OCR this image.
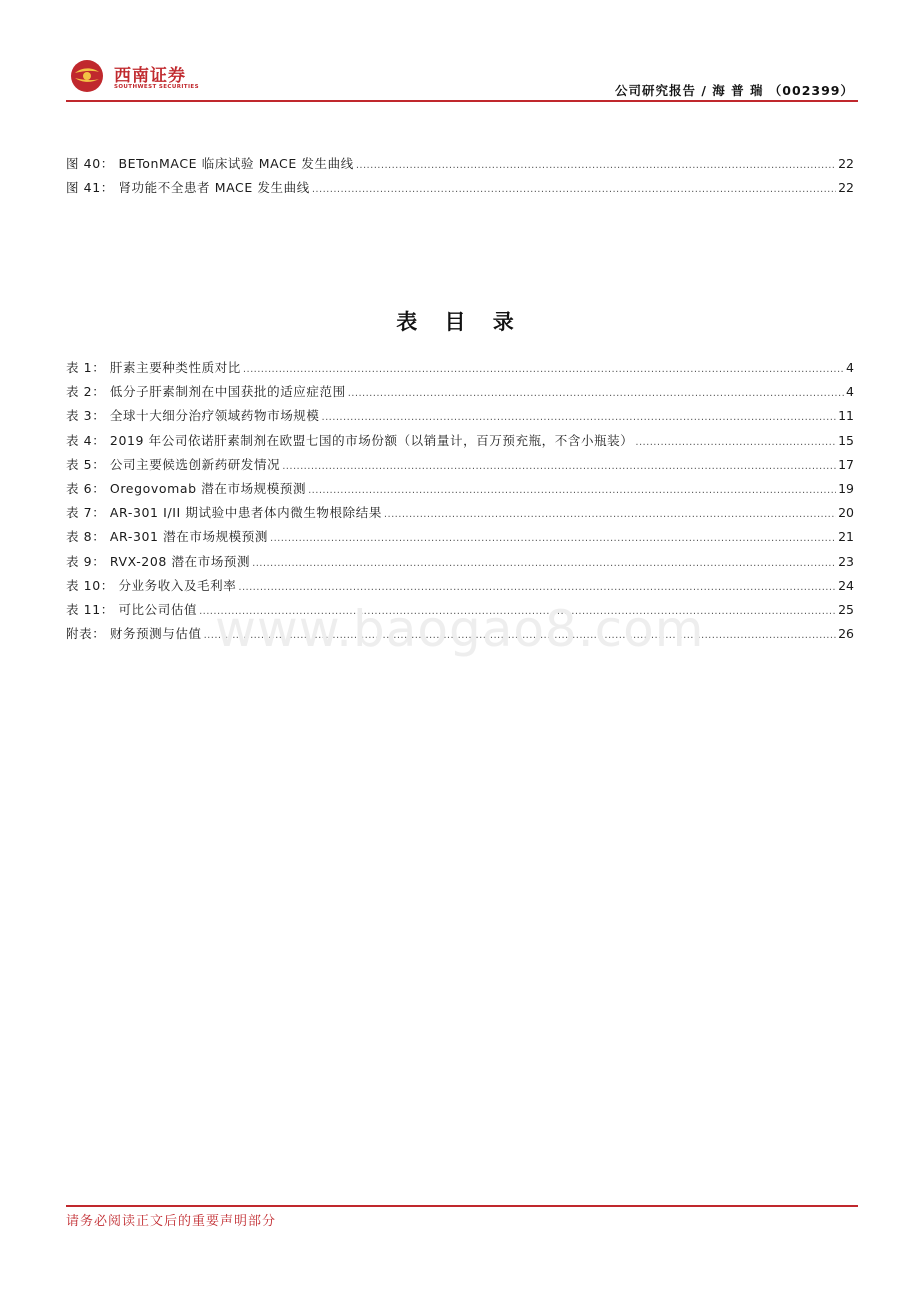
西南证券
SOUTHWEST SECURITIES	公司研究报告 / 海 普 瑞 （002399）
图 40： BETonMACE 临床试验 MACE 发生曲线 .....	22
图 41： 肾功能不全患者 MACE 发生曲线 .....	22
表 目 录
表 1： 肝素主要种类性质对比 .....	4
表 2： 低分子肝素制剂在中国获批的适应症范围 .....	4
表 3： 全球十大细分治疗领域药物市场规模 .....	11
表 4： 2019 年公司依诺肝素制剂在欧盟七国的市场份额（以销量计，百万预充瓶，不含小瓶装） .....	15
表 5： 公司主要候选创新药研发情况 .....	17
表 6： Oregovomab 潜在市场规模预测 .....	19
表 7： AR-301 I/II 期试验中患者体内微生物根除结果 .....	20
表 8： AR-301 潜在市场规模预测 .....	21
表 9： RVX-208 潜在市场预测 .....	23
表 10： 分业务收入及毛利率 .....	24
表 11： 可比公司估值 .....	25
附表： 财务预测与估值 .....	26
www.baogao8.com
请务必阅读正文后的重要声明部分
